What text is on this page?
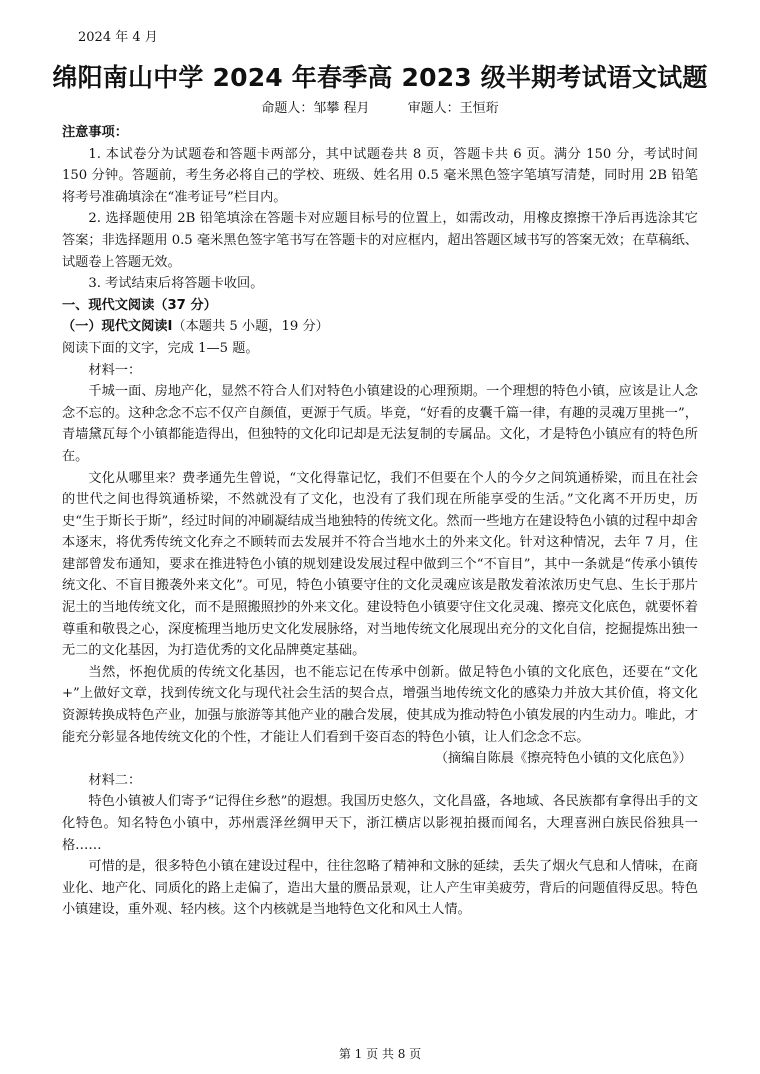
2024 年 4 月
绵阳南山中学 2024 年春季高 2023 级半期考试语文试题
命题人：邹攀 程月	审题人：王恒珩

注意事项：

1. 本试卷分为试题卷和答题卡两部分，其中试题卷共 8 页，答题卡共 6 页。满分 150 分，考试时间 150 分钟。答题前，考生务必将自己的学校、班级、姓名用 0.5 毫米黑色签字笔填写清楚，同时用 2B 铅笔将考号准确填涂在“准考证号”栏目内。

2. 选择题使用 2B 铅笔填涂在答题卡对应题目标号的位置上，如需改动，用橡皮擦擦干净后再选涂其它答案；非选择题用 0.5 毫米黑色签字笔书写在答题卡的对应框内，超出答题区域书写的答案无效；在草稿纸、试题卷上答题无效。

3. 考试结束后将答题卡收回。

一、现代文阅读（37 分）

（一）现代文阅读Ⅰ（本题共 5 小题，19 分）

阅读下面的文字，完成 1—5 题。

材料一：

千城一面、房地产化，显然不符合人们对特色小镇建设的心理预期。一个理想的特色小镇，应该是让人念念不忘的。这种念念不忘不仅产自颜值，更源于气质。毕竟，“好看的皮囊千篇一律，有趣的灵魂万里挑一”，青墙黛瓦每个小镇都能造得出，但独特的文化印记却是无法复制的专属品。文化，才是特色小镇应有的特色所在。

文化从哪里来？费孝通先生曾说，“文化得靠记忆，我们不但要在个人的今夕之间筑通桥梁，而且在社会的世代之间也得筑通桥梁，不然就没有了文化，也没有了我们现在所能享受的生活。”文化离不开历史，历史“生于斯长于斯”，经过时间的冲刷凝结成当地独特的传统文化。然而一些地方在建设特色小镇的过程中却舍本逐末，将优秀传统文化弃之不顾转而去发展并不符合当地水土的外来文化。针对这种情况，去年 7 月，住建部曾发布通知，要求在推进特色小镇的规划建设发展过程中做到三个“不盲目”，其中一条就是“传承小镇传统文化、不盲目搬袭外来文化”。可见，特色小镇要守住的文化灵魂应该是散发着浓浓历史气息、生长于那片泥土的当地传统文化，而不是照搬照抄的外来文化。建设特色小镇要守住文化灵魂、擦亮文化底色，就要怀着尊重和敬畏之心，深度梳理当地历史文化发展脉络，对当地传统文化展现出充分的文化自信，挖掘提炼出独一无二的文化基因，为打造优秀的文化品牌奠定基础。

当然，怀抱优质的传统文化基因，也不能忘记在传承中创新。做足特色小镇的文化底色，还要在“文化+”上做好文章，找到传统文化与现代社会生活的契合点，增强当地传统文化的感染力并放大其价值，将文化资源转换成特色产业，加强与旅游等其他产业的融合发展，使其成为推动特色小镇发展的内生动力。唯此，才能充分彰显各地传统文化的个性，才能让人们看到千姿百态的特色小镇，让人们念念不忘。

（摘编自陈晨《擦亮特色小镇的文化底色》）

材料二：

特色小镇被人们寄予“记得住乡愁”的遐想。我国历史悠久，文化昌盛，各地域、各民族都有拿得出手的文化特色。知名特色小镇中，苏州震泽丝绸甲天下，浙江横店以影视拍摄而闻名，大理喜洲白族民俗独具一格……

可惜的是，很多特色小镇在建设过程中，往往忽略了精神和文脉的延续，丢失了烟火气息和人情味，在商业化、地产化、同质化的路上走偏了，造出大量的赝品景观，让人产生审美疲劳，背后的问题值得反思。特色小镇建设，重外观、轻内核。这个内核就是当地特色文化和风土人情。

第 1 页 共 8 页
